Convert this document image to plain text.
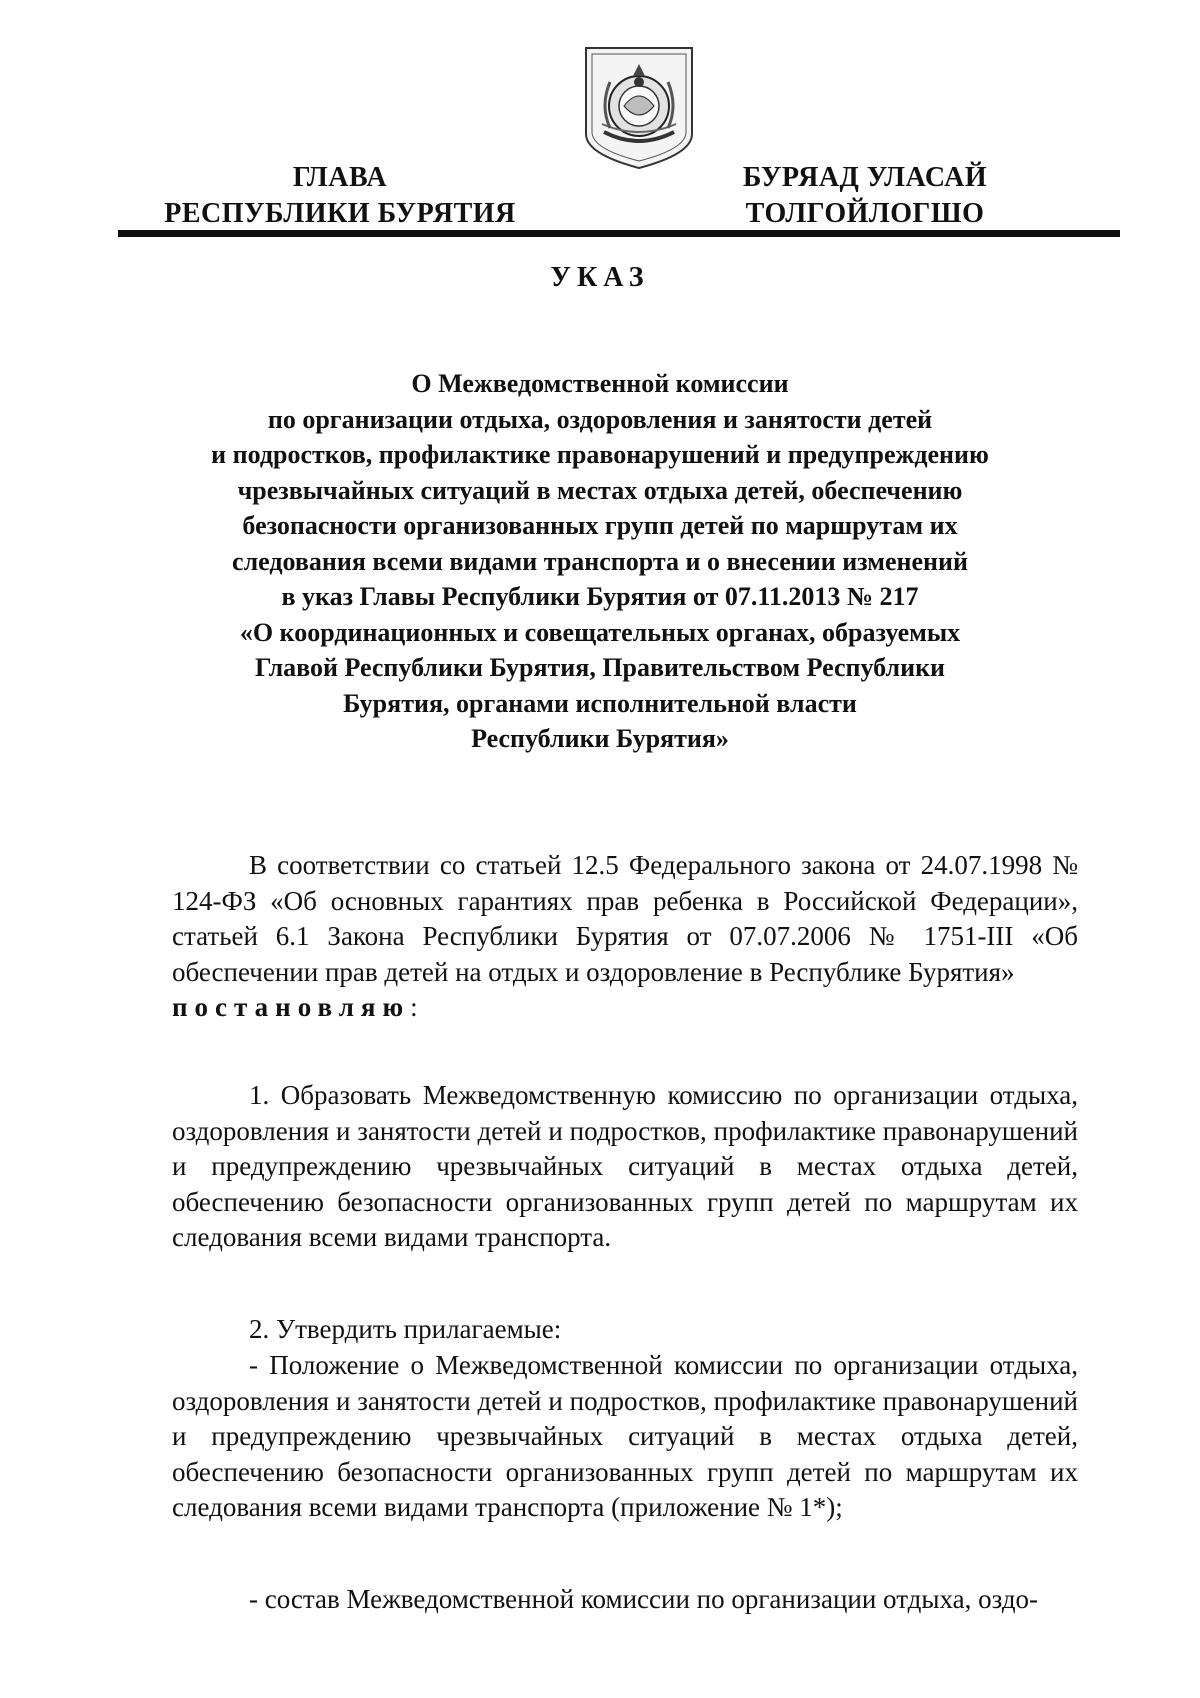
ГЛАВА
РЕСПУБЛИКИ БУРЯТИЯ
БУРЯАД УЛАСАЙ
ТОЛГОЙЛОГШО
УКАЗ
О Межведомственной комиссии
по организации отдыха, оздоровления и занятости детей
и подростков, профилактике правонарушений и предупреждению
чрезвычайных ситуаций в местах отдыха детей, обеспечению
безопасности организованных групп детей по маршрутам их
следования всеми видами транспорта и о внесении изменений
в указ Главы Республики Бурятия от 07.11.2013 № 217
«О координационных и совещательных органах, образуемых
Главой Республики Бурятия, Правительством Республики
Бурятия, органами исполнительной власти
Республики Бурятия»

В соответствии со статьей 12.5 Федерального закона от 24.07.1998 № 124-ФЗ «Об основных гарантиях прав ребенка в Российской Федерации», статьей 6.1 Закона Республики Бурятия от 07.07.2006 № 1751-III «Об обеспечении прав детей на отдых и оздоровление в Республике Бурятия»

постановляю:

1. Образовать Межведомственную комиссию по организации отдыха, оздоровления и занятости детей и подростков, профилактике правонарушений и предупреждению чрезвычайных ситуаций в местах отдыха детей, обеспечению безопасности организованных групп детей по маршрутам их следования всеми видами транспорта.

2. Утвердить прилагаемые:

- Положение о Межведомственной комиссии по организации отдыха, оздоровления и занятости детей и подростков, профилактике правонарушений и предупреждению чрезвычайных ситуаций в местах отдыха детей, обеспечению безопасности организованных групп детей по маршрутам их следования всеми видами транспорта (приложение № 1*);

- состав Межведомственной комиссии по организации отдыха, оздо-
